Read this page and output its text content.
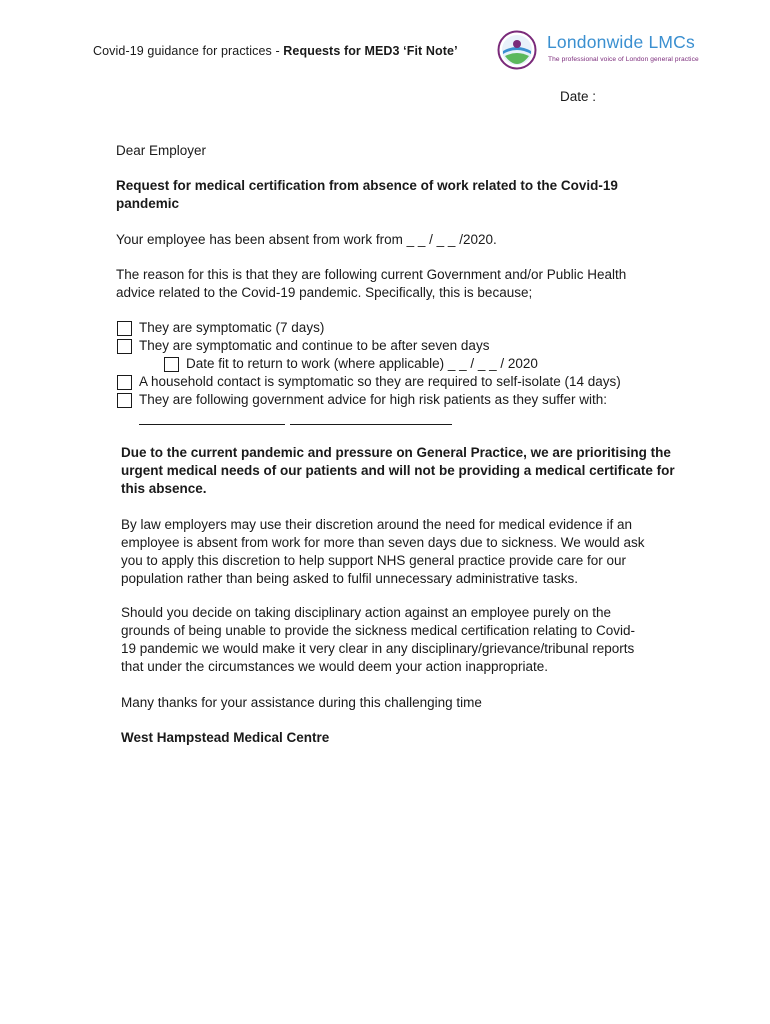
Covid-19 guidance for practices - Requests for MED3 ‘Fit Note’	Londonwide LMCs
The professional voice of London general practice
Date :
Dear Employer
Request for medical certification from absence of work related to the Covid-19
pandemic
Your employee has been absent from work from _ _ / _ _ /2020.
The reason for this is that they are following current Government and/or Public Health
advice related to the Covid-19 pandemic. Specifically, this is because;
They are symptomatic (7 days)
They are symptomatic and continue to be after seven days
Date fit to return to work (where applicable) _ _ / _ _ / 2020
A household contact is symptomatic so they are required to self-isolate (14 days)
They are following government advice for high risk patients as they suffer with:
Due to the current pandemic and pressure on General Practice, we are prioritising the urgent medical needs of our patients and will not be providing a medical certificate for this absence.
By law employers may use their discretion around the need for medical evidence if an employee is absent from work for more than seven days due to sickness. We would ask you to apply this discretion to help support NHS general practice provide care for our population rather than being asked to fulfil unnecessary administrative tasks.
Should you decide on taking disciplinary action against an employee purely on the grounds of being unable to provide the sickness medical certification relating to Covid-19 pandemic we would make it very clear in any disciplinary/grievance/tribunal reports that under the circumstances we would deem your action inappropriate.
Many thanks for your assistance during this challenging time
West Hampstead Medical Centre
